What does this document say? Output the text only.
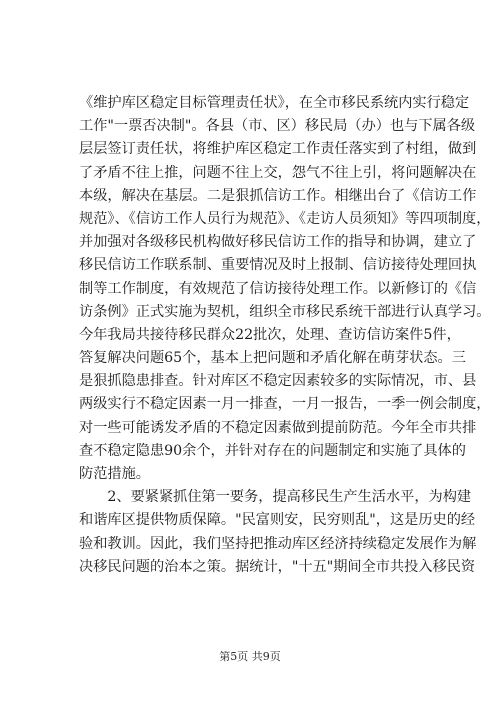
《维护库区稳定目标管理责任状》，在全市移民系统内实行稳定
工作"一票否决制"。各县（市、区）移民局（办）也与下属各级
层层签订责任状，将维护库区稳定工作责任落实到了村组，做到
了矛盾不往上推，问题不往上交，怨气不往上引，将问题解决在
本级，解决在基层。二是狠抓信访工作。相继出台了《信访工作
规范》、《信访工作人员行为规范》、《走访人员须知》等四项制度，
并加强对各级移民机构做好移民信访工作的指导和协调，建立了
移民信访工作联系制、重要情况及时上报制、信访接待处理回执
制等工作制度，有效规范了信访接待处理工作。以新修订的《信
访条例》正式实施为契机，组织全市移民系统干部进行认真学习。
今年我局共接待移民群众22批次，处理、查访信访案件5件，
答复解决问题65个，基本上把问题和矛盾化解在萌芽状态。三
是狠抓隐患排查。针对库区不稳定因素较多的实际情况，市、县
两级实行不稳定因素一月一排查，一月一报告，一季一例会制度，
对一些可能诱发矛盾的不稳定因素做到提前防范。今年全市共排
查不稳定隐患90余个，并针对存在的问题制定和实施了具体的
防范措施。
　　2、要紧紧抓住第一要务，提高移民生产生活水平，为构建
和谐库区提供物质保障。"民富则安，民穷则乱"，这是历史的经
验和教训。因此，我们坚持把推动库区经济持续稳定发展作为解
决移民问题的治本之策。据统计，"十五"期间全市共投入移民资
第5页 共9页
